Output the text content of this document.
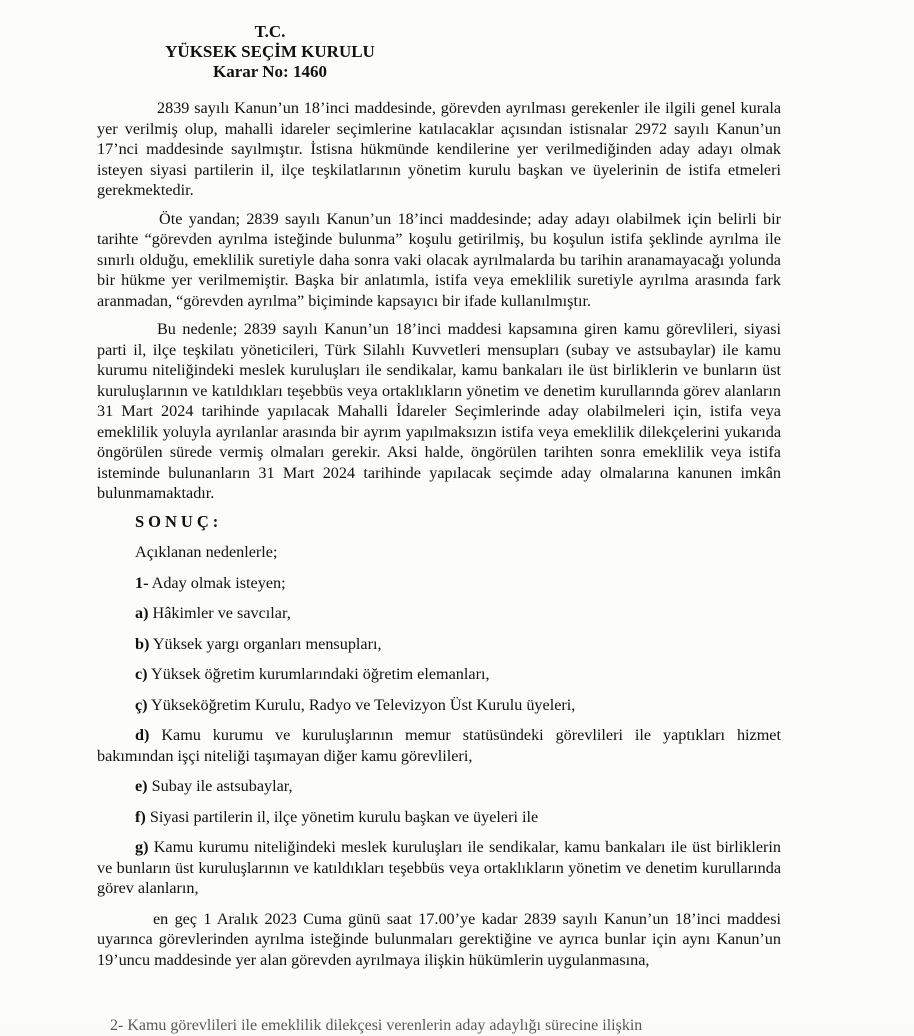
T.C.
YÜKSEK SEÇİM KURULU
Karar No: 1460

2839 sayılı Kanun’un 18’inci maddesinde, görevden ayrılması gerekenler ile ilgili genel kurala yer verilmiş olup, mahalli idareler seçimlerine katılacaklar açısından istisnalar 2972 sayılı Kanun’un 17’nci maddesinde sayılmıştır. İstisna hükmünde kendilerine yer verilmediğinden aday adayı olmak isteyen siyasi partilerin il, ilçe teşkilatlarının yönetim kurulu başkan ve üyelerinin de istifa etmeleri gerekmektedir.

Öte yandan; 2839 sayılı Kanun’un 18’inci maddesinde; aday adayı olabilmek için belirli bir tarihte “görevden ayrılma isteğinde bulunma” koşulu getirilmiş, bu koşulun istifa şeklinde ayrılma ile sınırlı olduğu, emeklilik suretiyle daha sonra vaki olacak ayrılmalarda bu tarihin aranamayacağı yolunda bir hükme yer verilmemiştir. Başka bir anlatımla, istifa veya emeklilik suretiyle ayrılma arasında fark aranmadan, “görevden ayrılma” biçiminde kapsayıcı bir ifade kullanılmıştır.

Bu nedenle; 2839 sayılı Kanun’un 18’inci maddesi kapsamına giren kamu görevlileri, siyasi parti il, ilçe teşkilatı yöneticileri, Türk Silahlı Kuvvetleri mensupları (subay ve astsubaylar) ile kamu kurumu niteliğindeki meslek kuruluşları ile sendikalar, kamu bankaları ile üst birliklerin ve bunların üst kuruluşlarının ve katıldıkları teşebbüs veya ortaklıkların yönetim ve denetim kurullarında görev alanların 31 Mart 2024 tarihinde yapılacak Mahalli İdareler Seçimlerinde aday olabilmeleri için, istifa veya emeklilik yoluyla ayrılanlar arasında bir ayrım yapılmaksızın istifa veya emeklilik dilekçelerini yukarıda öngörülen sürede vermiş olmaları gerekir. Aksi halde, öngörülen tarihten sonra emeklilik veya istifa isteminde bulunanların 31 Mart 2024 tarihinde yapılacak seçimde aday olmalarına kanunen imkân bulunmamaktadır.

SONUÇ:
Açıklanan nedenlerle;
1- Aday olmak isteyen;
a) Hâkimler ve savcılar,
b) Yüksek yargı organları mensupları,
c) Yüksek öğretim kurumlarındaki öğretim elemanları,
ç) Yükseköğretim Kurulu, Radyo ve Televizyon Üst Kurulu üyeleri,
d) Kamu kurumu ve kuruluşlarının memur statüsündeki görevlileri ile yaptıkları hizmet bakımından işçi niteliği taşımayan diğer kamu görevlileri,
e) Subay ile astsubaylar,
f) Siyasi partilerin il, ilçe yönetim kurulu başkan ve üyeleri ile
g) Kamu kurumu niteliğindeki meslek kuruluşları ile sendikalar, kamu bankaları ile üst birliklerin ve bunların üst kuruluşlarının ve katıldıkları teşebbüs veya ortaklıkların yönetim ve denetim kurullarında görev alanların,

en geç 1 Aralık 2023 Cuma günü saat 17.00’ye kadar 2839 sayılı Kanun’un 18’inci maddesi uyarınca görevlerinden ayrılma isteğinde bulunmaları gerektiğine ve ayrıca bunlar için aynı Kanun’un 19’uncu maddesinde yer alan görevden ayrılmaya ilişkin hükümlerin uygulanmasına,

2- Kamu görevlileri ile emeklilik dilekçesi verenlerin aday adaylığı sürecine ilişkin
